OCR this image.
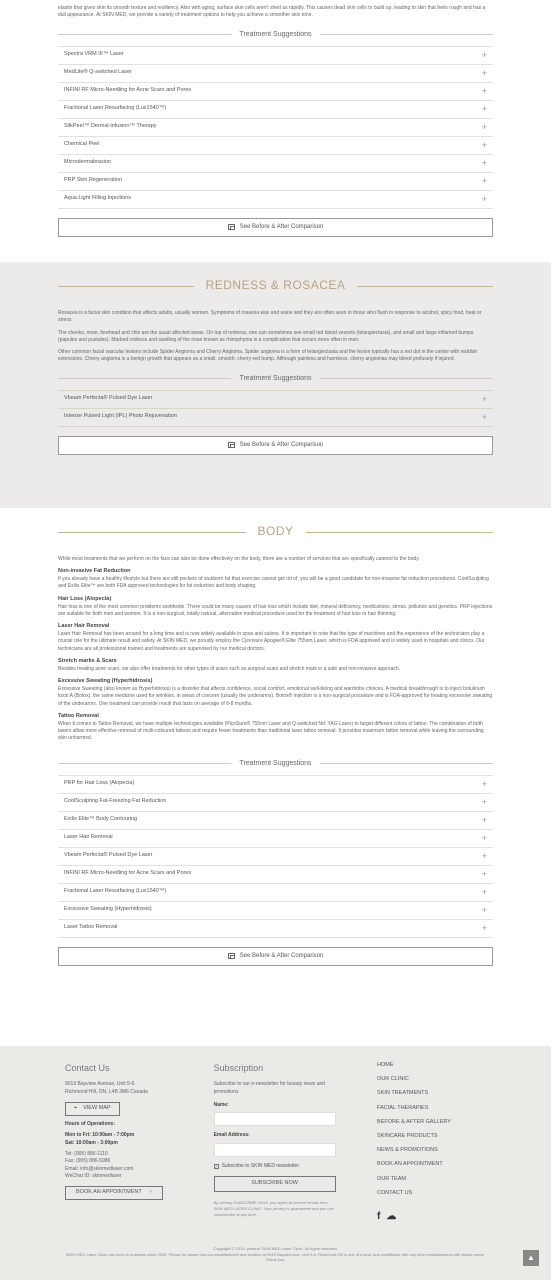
elastin that gives skin its smooth texture and resiliency. Also with aging, surface skin cells aren't shed as rapidly. This causes dead skin cells to build up, leading to skin that feels rough and has a dull appearance. At SKIN MED, we provide a variety of treatment options to help you achieve a smoother skin tone.

Treatment Suggestions
Spectra VRM III™ Laser	+
MedLite® Q-switched Laser	+
INFINI RF Micro-Needling for Acne Scars and Pores	+
Fractional Laser Resurfacing (Lux1540™)	+
SilkPeel™ Dermal-infusion™ Therapy	+
Chemical Peel	+
Microdermabrasion	+
PRP Skin Regeneration	+
Aqua Light Filling Injections	+
See Before & After Comparison
REDNESS & ROSACEA

Rosacea is a facial skin condition that affects adults, usually women. Symptoms of rosacea wax and wane and they are often seen in those who flush in response to alcohol, spicy food, heat or stress.

The cheeks, nose, forehead and chin are the usual affected areas. On top of redness, one can sometimes see small red blood vessels (telangiectasia), and small and large inflamed bumps (papules and pustules). Marked redness and swelling of the nose known as rhinophyma is a complication that occurs more often in men.

Other common facial vascular lesions include Spider Angioma and Cherry Angioma. Spider angioma is a form of telangiectasia and the lesion typically has a red dot in the center with reddish extensions. Cherry angioma is a benign growth that appears as a small, smooth, cherry-red bump. Although painless and harmless, cherry angiomas may bleed profusely if injured.

Treatment Suggestions
Vbeam Perfecta® Pulsed Dye Laser	+
Intense Pulsed Light (IPL) Photo Rejuvenation	+
See Before & After Comparison
BODY

While most treatments that we perform on the face can also be done effectively on the body, there are a number of services that are specifically catered to the body.

Non-invasive Fat Reduction

If you already have a healthy lifestyle but there are still pockets of stubborn fat that exercise cannot get rid of, you will be a good candidate for non-invasive fat reduction procedures. CoolSculpting and Exilis Elite™ are both FDA approved technologies for fat reduction and body shaping.

Hair Loss (Alopecia)

Hair loss is one of the most common problems worldwide. There could be many causes of hair loss which include diet, mineral deficiency, medications, stress, pollution and genetics. PRP injections are suitable for both men and women. It is a non-surgical, totally natural, alternative medical procedure used for the treatment of hair loss or hair thinning.

Laser Hair Removal

Laser Hair Removal has been around for a long time and is now widely available in spas and salons. It is important to note that the type of machines and the experience of the technicians play a crucial role for the ultimate result and safety. At SKIN MED, we proudly employ the Cynosure Apogee® Elite 755nm Laser, which is FDA approved and is widely used in hospitals and clinics. Our technicians are all professional trained and treatments are supervised by our medical doctors.

Stretch marks & Scars

Besides treating acne scars, we also offer treatments for other types of scars such as surgical scars and stretch mark in a safe and non-invasive approach.

Excessive Sweating (Hyperhidrosis)

Excessive Sweating (also known as Hyperhidrosis) is a disorder that affects confidence, social comfort, emotional well-being and wardrobe choices. A medical breakthrough is to inject botulinum toxin A (Botox), the same medicine used for wrinkles, in areas of concern (usually the underarms). Botox® injection is a non-surgical procedure and is FDA-approved for treating excessive sweating of the underarms. One treatment can provide result that lasts on average of 6-8 months.

Tattoo Removal

When it comes to Tattoo Removal, we have multiple technologies available (PicoSure® 755nm Laser and Q-switched Nd: YAG Laser) to target different colors of tattoo. The combination of both lasers allow more effective removal of multi-coloured tattoos and require fewer treatments than traditional laser tattoo removal. It provides maximum tattoo removal while leaving the surrounding skin unharmed.

Treatment Suggestions
PRP for Hair Loss (Alopecia)	+
CoolSculpting Fat-Freezing Fat Reduction	+
Exilis Elite™ Body Contouring	+
Laser Hair Removal	+
Vbeam Perfecta® Pulsed Dye Laser	+
INFINI RF Micro-Needling for Acne Scars and Pores	+
Fractional Laser Resurfacing (Lux1540™)	+
Excessive Sweating (Hyperhidrosis)	+
Laser Tattoo Removal	+
See Before & After Comparison
Contact Us
9019 Bayview Avenue, Unit 5-6
Richmond Hill, ON, L4B 3M6 Canada
⌖ VIEW MAP
Hours of Operations:
Mon to Fri: 10:00am - 7:00pm
Sat: 10:00am - 3:00pm
Tel: (905) 886-1110
Fax: (905) 886-5986
Email: info@skinmedlaser.com
WeChat ID: skinmedlaser
BOOK AN APPOINTMENT ›
Subscription
Subscribe to our e-newsletter for beauty news and promotions
Name:
Email Address:
✓ Subscribe to SKIN MED newsletter
SUBSCRIBE NOW
By clicking SUBSCRIBE NOW, you agree to receive emails from SKIN MED LASER CLINIC. Your privacy is guaranteed and you can unsubscribe at any time.
HOME
OUR CLINIC
SKIN TREATMENTS
FACIAL THERAPIES
BEFORE & AFTER GALLERY
SKINCARE PRODUCTS
NEWS & PROMOTIONS
BOOK AN APPOINTMENT
OUR TEAM
CONTACT US
f ☁
Copyright © 2019, present SKIN MED Laser Clinic. All rights reserved.
SKIN MED Laser Clinic has been in business since 2005. Please be aware that our establishment and location at 9019 Bayview Ave, Unit 5-6, Richmond Hill is one of a kind, and unaffiliated with any other establishment with similar name. Thank you.	▲
